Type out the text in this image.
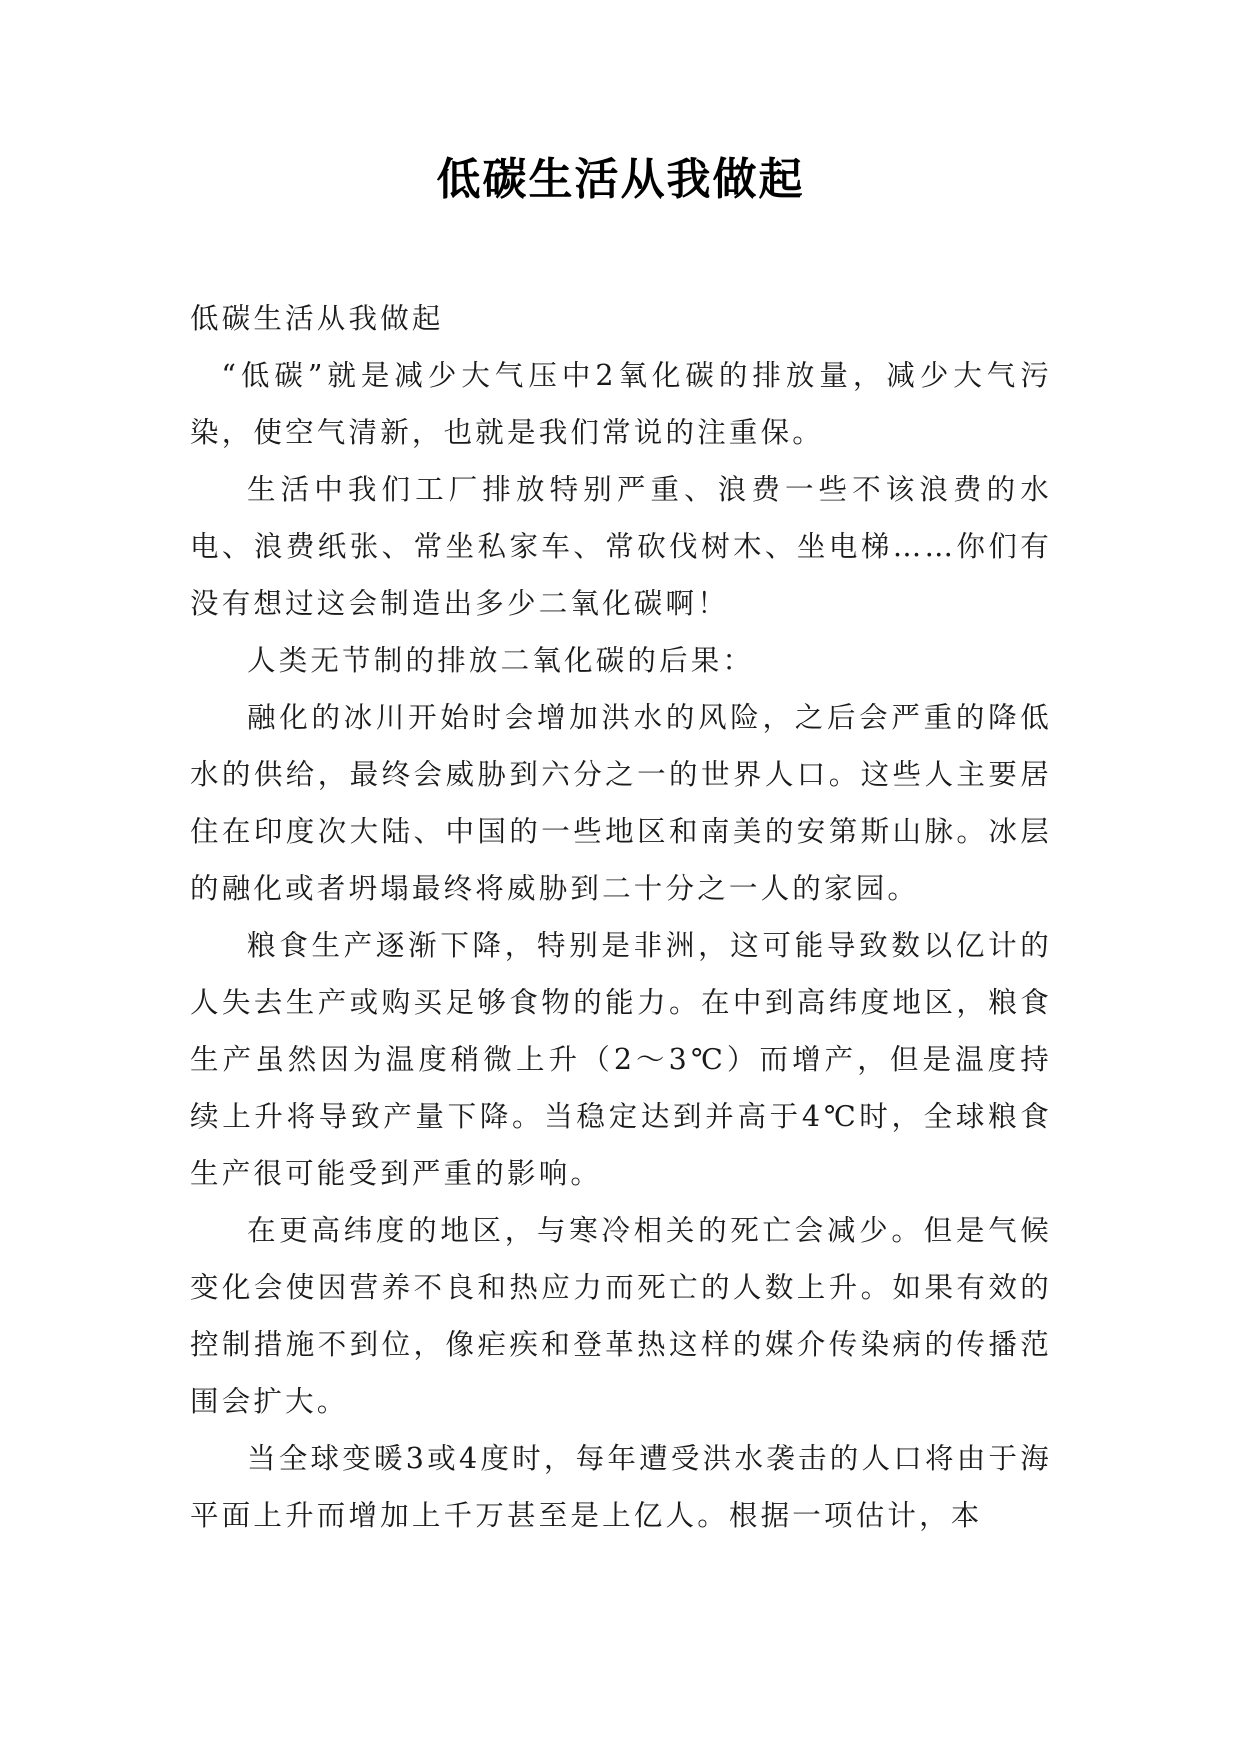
低碳生活从我做起

低碳生活从我做起

“低碳”就是减少大气压中2氧化碳的排放量，减少大气污染，使空气清新，也就是我们常说的注重保。

生活中我们工厂排放特别严重、浪费一些不该浪费的水电、浪费纸张、常坐私家车、常砍伐树木、坐电梯……你们有没有想过这会制造出多少二氧化碳啊！

人类无节制的排放二氧化碳的后果：

融化的冰川开始时会增加洪水的风险，之后会严重的降低水的供给，最终会威胁到六分之一的世界人口。这些人主要居住在印度次大陆、中国的一些地区和南美的安第斯山脉。冰层的融化或者坍塌最终将威胁到二十分之一人的家园。

粮食生产逐渐下降，特别是非洲，这可能导致数以亿计的人失去生产或购买足够食物的能力。在中到高纬度地区，粮食生产虽然因为温度稍微上升（2～3℃）而增产，但是温度持续上升将导致产量下降。当稳定达到并高于4℃时，全球粮食生产很可能受到严重的影响。

在更高纬度的地区，与寒冷相关的死亡会减少。但是气候变化会使因营养不良和热应力而死亡的人数上升。如果有效的控制措施不到位，像疟疾和登革热这样的媒介传染病的传播范围会扩大。

当全球变暖3或4度时，每年遭受洪水袭击的人口将由于海平面上升而增加上千万甚至是上亿人。根据一项估计，本
